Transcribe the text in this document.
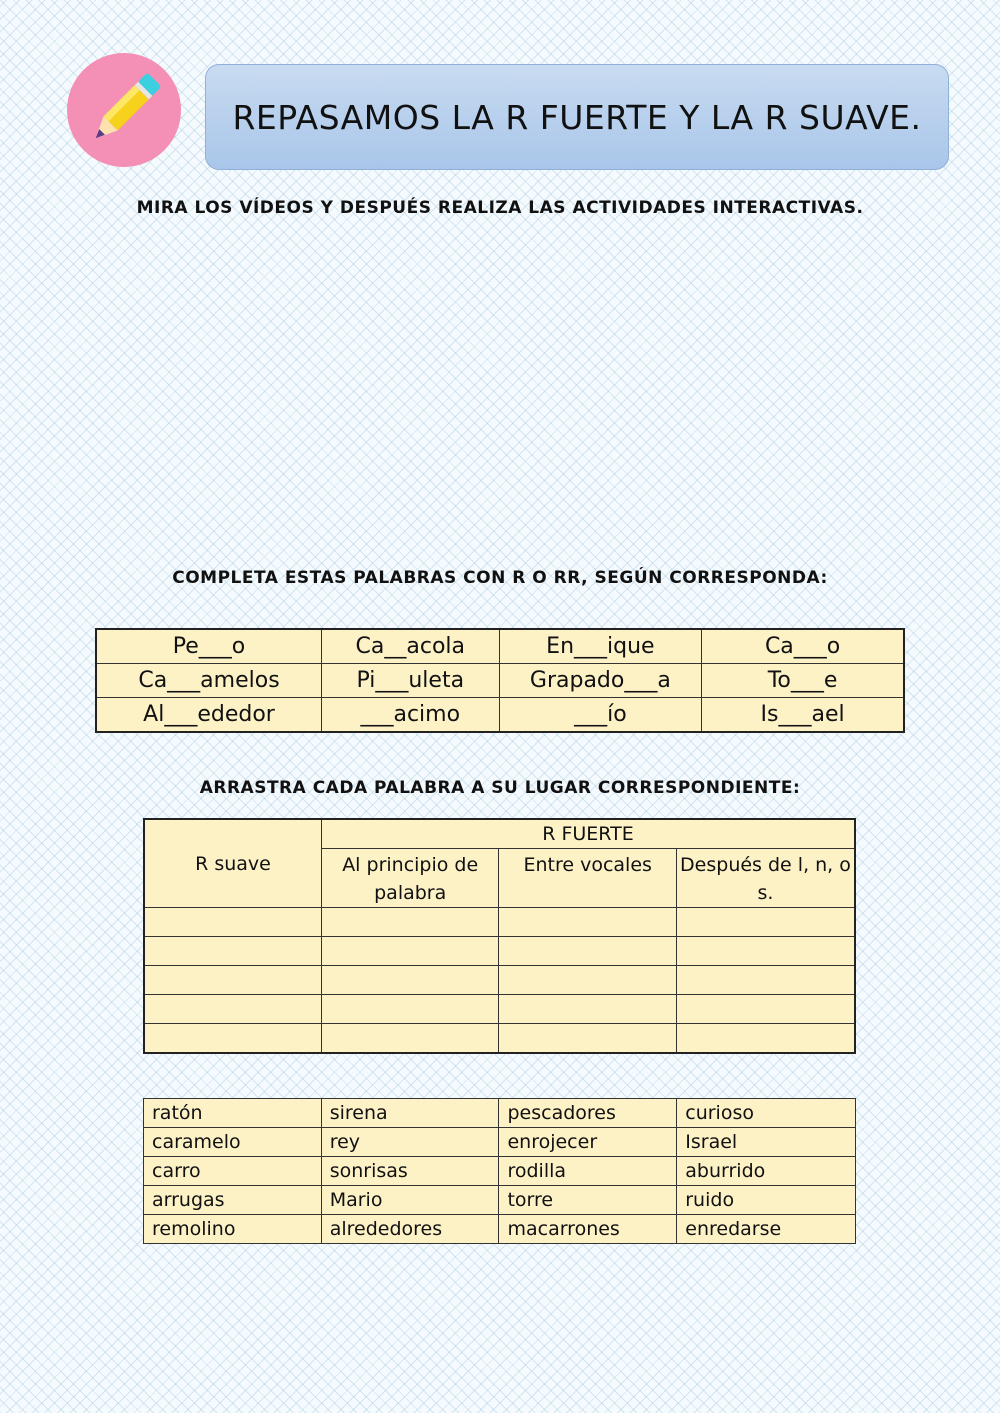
REPASAMOS LA R FUERTE Y LA R SUAVE.
MIRA LOS VÍDEOS Y DESPUÉS REALIZA LAS ACTIVIDADES INTERACTIVAS.
COMPLETA ESTAS PALABRAS CON R O RR, SEGÚN CORRESPONDA:
ARRASTRA CADA PALABRA A SU LUGAR CORRESPONDIENTE:
Pe___o	Ca__acola	En___ique	Ca___o
Ca___amelos	Pi___uleta	Grapado___a	To___e
Al___ededor	___acimo	___ío	Is___ael
R suave	R FUERTE		
	Al principio de palabra	Entre vocales	Después de l, n, o s.

ratón	sirena	pescadores	curioso
caramelo	rey	enrojecer	Israel
carro	sonrisas	rodilla	aburrido
arrugas	Mario	torre	ruido
remolino	alrededores	macarrones	enredarse
